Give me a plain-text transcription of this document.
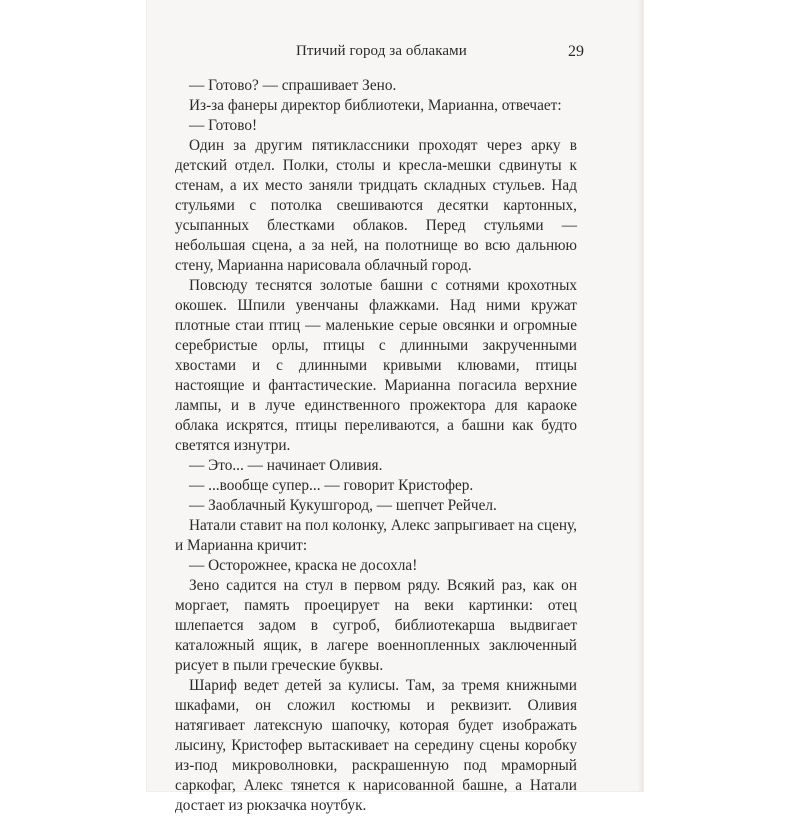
Птичий город за облаками	29

— Готово? — спрашивает Зено.

Из-за фанеры директор библиотеки, Марианна, отвечает:

— Готово!

Один за другим пятиклассники проходят через арку в детский отдел. Полки, столы и кресла-мешки сдвинуты к стенам, а их место заняли тридцать складных стульев. Над стульями с потолка свешиваются десятки картонных, усыпанных блестками облаков. Перед стульями — небольшая сцена, а за ней, на полотнище во всю дальнюю стену, Марианна нарисовала облачный город.

Повсюду теснятся золотые башни с сотнями крохотных окошек. Шпили увенчаны флажками. Над ними кружат плотные стаи птиц — маленькие серые овсянки и огромные серебристые орлы, птицы с длинными закрученными хвостами и с длинными кривыми клювами, птицы настоящие и фантастические. Марианна погасила верхние лампы, и в луче единственного прожектора для караоке облака искрятся, птицы переливаются, а башни как будто светятся изнутри.

— Это... — начинает Оливия.

— ...вообще супер... — говорит Кристофер.

— Заоблачный Кукушгород, — шепчет Рейчел.

Натали ставит на пол колонку, Алекс запрыгивает на сцену, и Марианна кричит:

— Осторожнее, краска не досохла!

Зено садится на стул в первом ряду. Всякий раз, как он моргает, память проецирует на веки картинки: отец шлепается задом в сугроб, библиотекарша выдвигает каталожный ящик, в лагере военнопленных заключенный рисует в пыли греческие буквы.

Шариф ведет детей за кулисы. Там, за тремя книжными шкафами, он сложил костюмы и реквизит. Оливия натягивает латексную шапочку, которая будет изображать лысину, Кристофер вытаскивает на середину сцены коробку из-под микроволновки, раскрашенную под мраморный саркофаг, Алекс тянется к нарисованной башне, а Натали достает из рюкзачка ноутбук.
